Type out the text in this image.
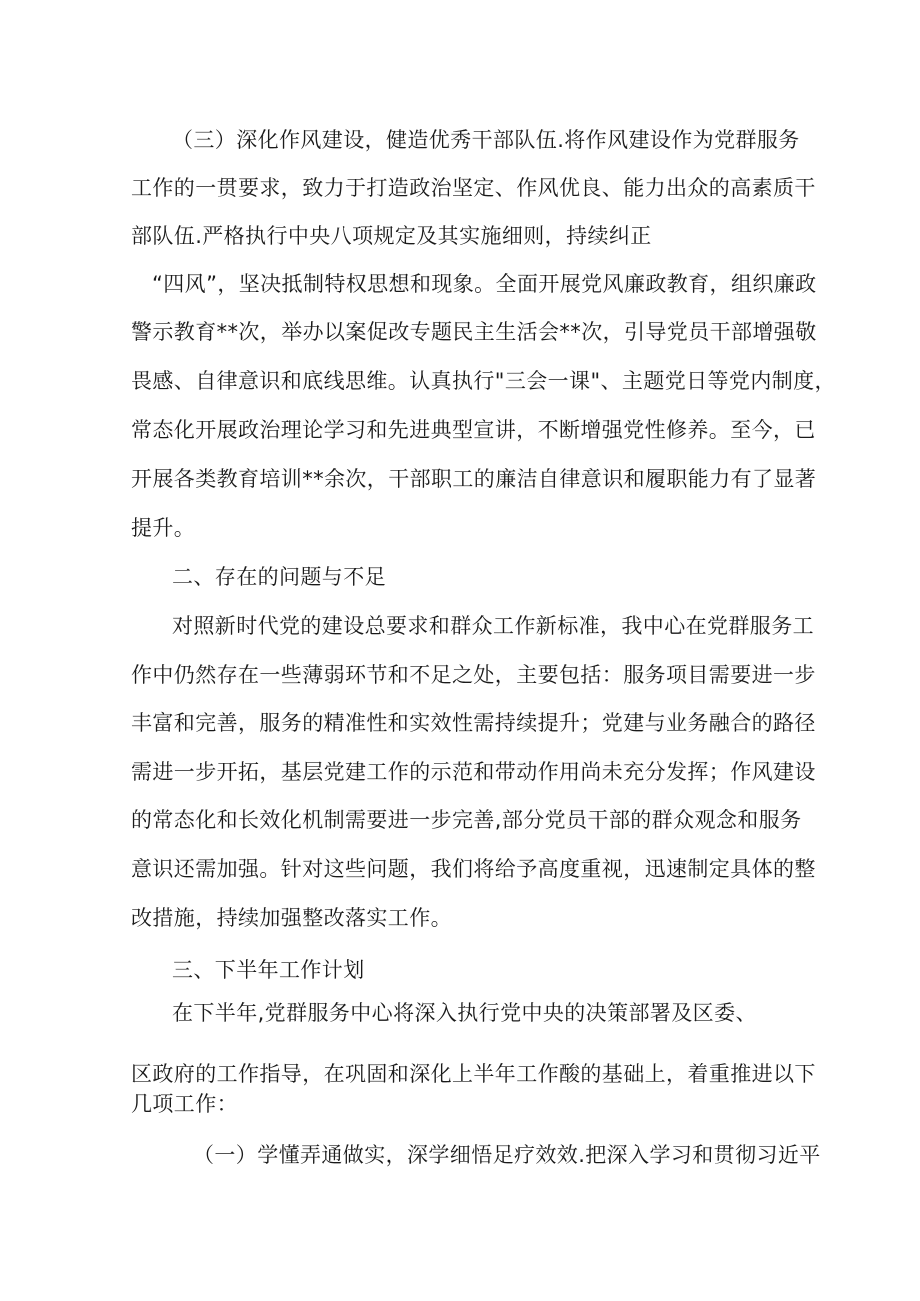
（三）深化作风建设，健造优秀干部队伍.将作风建设作为党群服务
工作的一贯要求，致力于打造政治坚定、作风优良、能力出众的高素质干
部队伍.严格执行中央八项规定及其实施细则，持续纠正
“四风”，坚决抵制特权思想和现象。全面开展党风廉政教育，组织廉政
警示教育**次，举办以案促改专题民主生活会**次，引导党员干部增强敬
畏感、自律意识和底线思维。认真执行"三会一课"、主题党日等党内制度，
常态化开展政治理论学习和先进典型宣讲，不断增强党性修养。至今，已
开展各类教育培训**余次，干部职工的廉洁自律意识和履职能力有了显著
提升。
二、存在的问题与不足
对照新时代党的建设总要求和群众工作新标准，我中心在党群服务工
作中仍然存在一些薄弱环节和不足之处，主要包括：服务项目需要进一步
丰富和完善，服务的精准性和实效性需持续提升；党建与业务融合的路径
需进一步开拓，基层党建工作的示范和带动作用尚未充分发挥；作风建设
的常态化和长效化机制需要进一步完善,部分党员干部的群众观念和服务
意识还需加强。针对这些问题，我们将给予高度重视，迅速制定具体的整
改措施，持续加强整改落实工作。
三、下半年工作计划
在下半年,党群服务中心将深入执行党中央的决策部署及区委、
区政府的工作指导，在巩固和深化上半年工作酸的基础上，着重推进以下
几项工作：
（一）学懂弄通做实，深学细悟足疗效效.把深入学习和贯彻习近平
